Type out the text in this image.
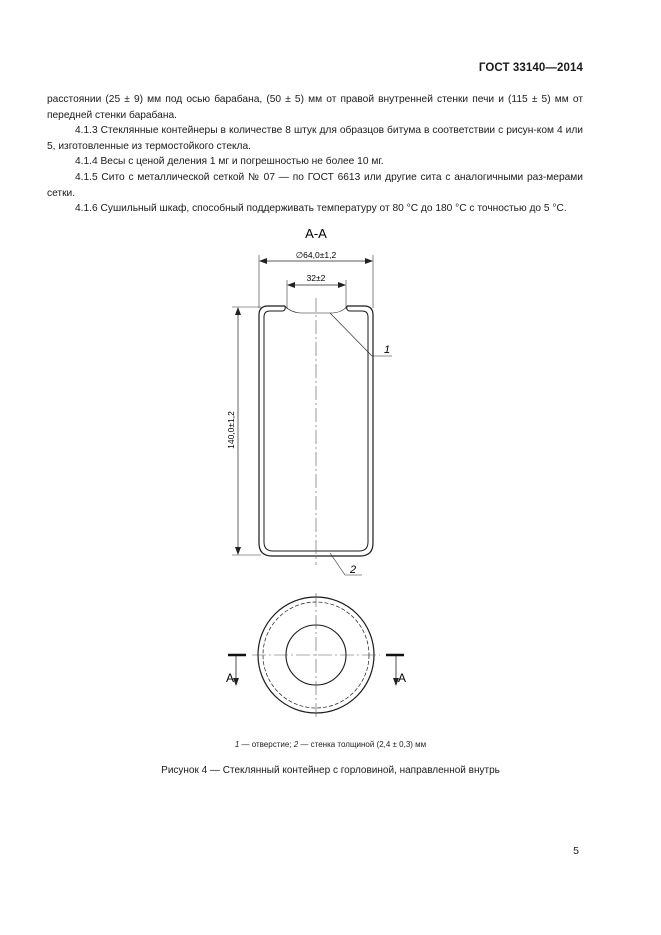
ГОСТ 33140—2014

расстоянии (25 ± 9) мм под осью барабана, (50 ± 5) мм от правой внутренней стенки печи и (115 ± 5) мм от передней стенки барабана.

4.1.3 Стеклянные контейнеры в количестве 8 штук для образцов битума в соответствии с рисун-ком 4 или 5, изготовленные из термостойкого стекла.

4.1.4 Весы с ценой деления 1 мг и погрешностью не более 10 мг.

4.1.5 Сито с металлической сеткой № 07 — по ГОСТ 6613 или другие сита с аналогичными раз-мерами сетки.

4.1.6 Сушильный шкаф, способный поддерживать температуру от 80 °С до 180 °С с точностью до 5 °С.

А-А
∅64,0±1,2
32±2
140,0±1,2
1
2
А	А
1 — отверстие; 2 — стенка толщиной (2,4 ± 0,3) мм
Рисунок 4 — Стеклянный контейнер с горловиной, направленной внутрь
5
